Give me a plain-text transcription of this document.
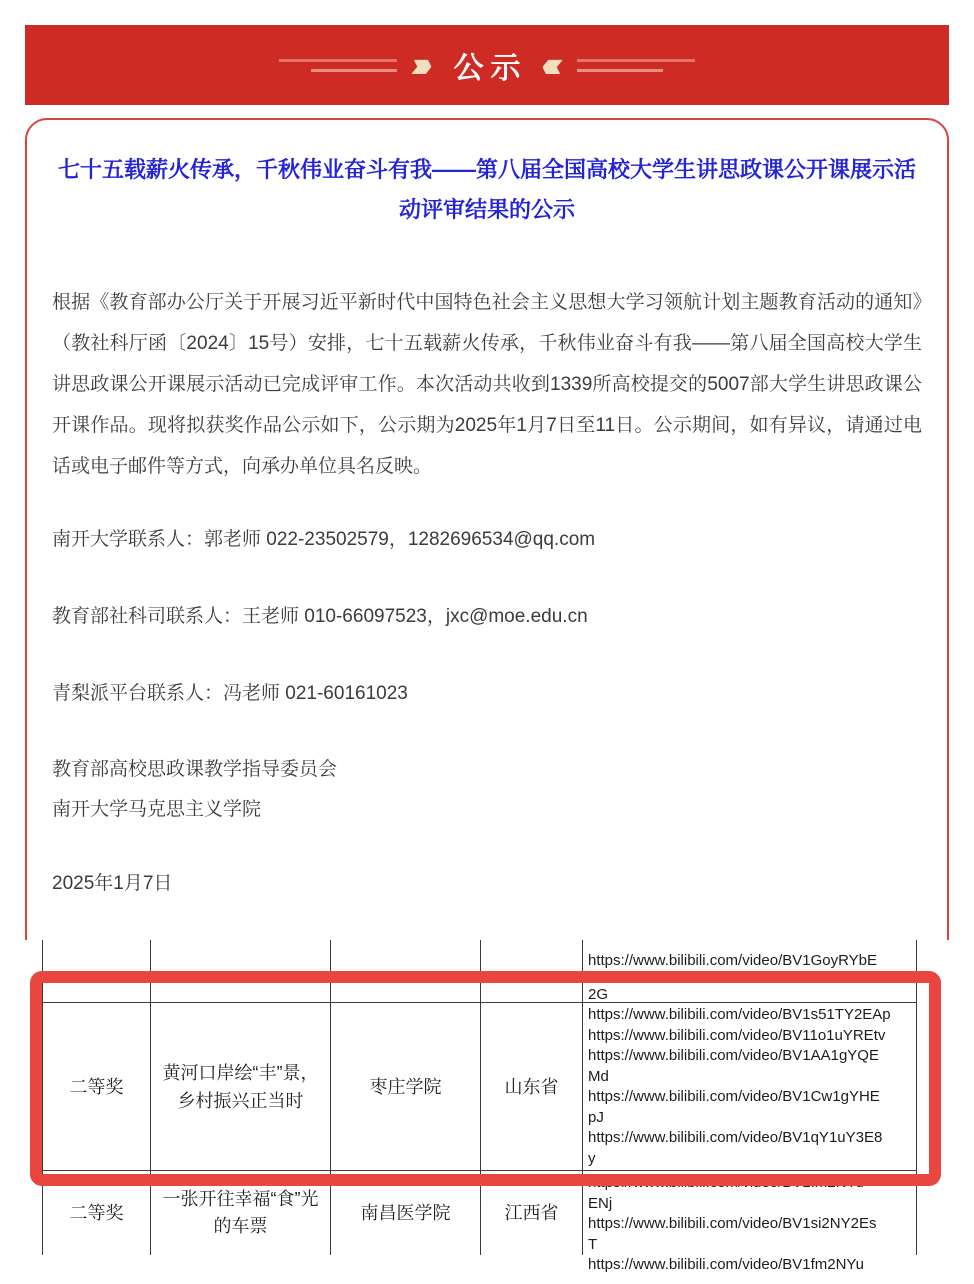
›››› 公示 ‹‹‹‹
七十五载薪火传承，千秋伟业奋斗有我——第八届全国高校大学生讲思政课公开课展示活动评审结果的公示
根据《教育部办公厅关于开展习近平新时代中国特色社会主义思想大学习领航计划主题教育活动的通知》（教社科厅函〔2024〕15号）安排，七十五载薪火传承，千秋伟业奋斗有我——第八届全国高校大学生讲思政课公开课展示活动已完成评审工作。本次活动共收到1339所高校提交的5007部大学生讲思政课公开课作品。现将拟获奖作品公示如下，公示期为2025年1月7日至11日。公示期间，如有异议，请通过电话或电子邮件等方式，向承办单位具名反映。
南开大学联系人：郭老师 022-23502579，1282696534@qq.com
教育部社科司联系人：王老师 010-66097523，jxc@moe.edu.cn
青梨派平台联系人：冯老师 021-60161023
教育部高校思政课教学指导委员会
南开大学马克思主义学院
2025年1月7日
https://www.bilibili.com/video/BV1GoyRYbE
2G
二等奖
黄河口岸绘“丰”景，乡村振兴正当时
枣庄学院	山东省
https://www.bilibili.com/video/BV1s51TY2EAp
https://www.bilibili.com/video/BV11o1uYREtv
https://www.bilibili.com/video/BV1AA1gYQE
Md
https://www.bilibili.com/video/BV1Cw1gYHE
pJ
https://www.bilibili.com/video/BV1qY1uY3E8
y
二等奖
一张开往幸福“食”光的车票
南昌医学院	江西省
https://www.bilibili.com/video/BV1fm2NYu
ENj
https://www.bilibili.com/video/BV1si2NY2Es
T
https://www.bilibili.com/video/BV1fm2NYu
